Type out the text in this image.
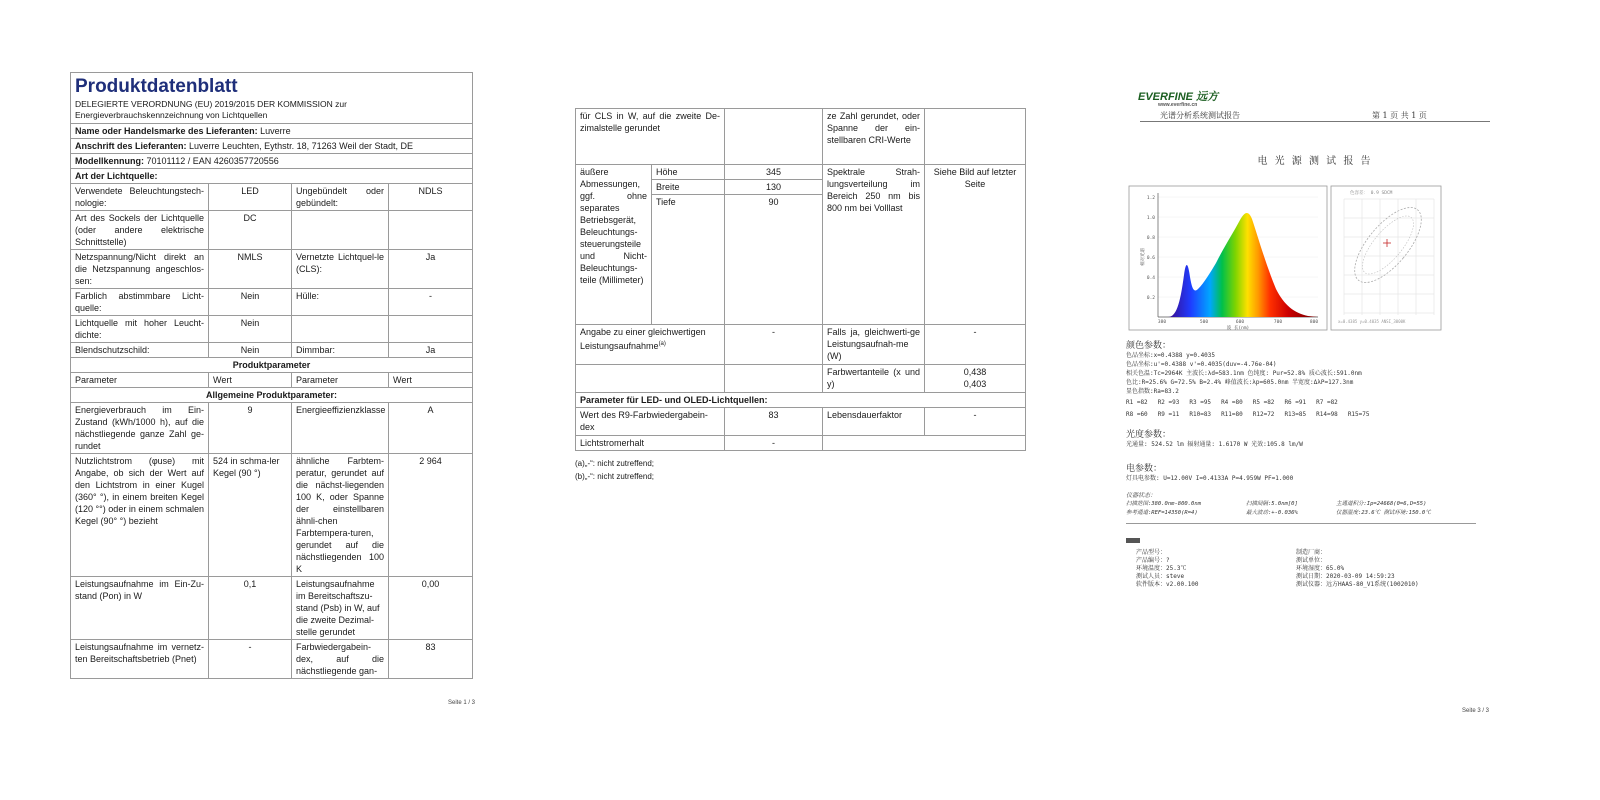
Produktdatenblatt
DELEGIERTE VERORDNUNG (EU) 2019/2015 DER KOMMISSION zur Energieverbrauchskennzeichnung von Lichtquellen			

Name oder Handelsmarke des Lieferanten: Luverre			
Anschrift des Lieferanten: Luverre Leuchten, Eythstr. 18, 71263 Weil der Stadt, DE			
Modellkennung: 70101112 / EAN 4260357720556			
Art der Lichtquelle:			
Verwendete Beleuchtungstech-nologie:	LED	Ungebündelt oder gebündelt:	NDLS
Art des Sockels der Lichtquelle (oder andere elektrische Schnittstelle)	DC		
Netzspannung/Nicht direkt an die Netzspannung angeschlos-sen:	NMLS	Vernetzte Lichtquel-le (CLS):	Ja
Farblich abstimmbare Licht-quelle:	Nein	Hülle:	-
Lichtquelle mit hoher Leucht-dichte:	Nein		
Blendschutzschild:	Nein	Dimmbar:	Ja
Produktparameter			
Parameter	Wert	Parameter	Wert
Allgemeine Produktparameter:			
Energieverbrauch im Ein-Zustand (kWh/1000 h), auf die nächstliegende ganze Zahl ge-rundet	9	Energieeffizienzklasse	A
Nutzlichtstrom (φuse) mit Angabe, ob sich der Wert auf den Lichtstrom in einer Kugel (360° °), in einem breiten Kegel (120 °°) oder in einem schmalen Kegel (90° °) bezieht	524 in schma-ler Kegel (90 °)	ähnliche Farbtem-peratur, gerundet auf die nächst-liegenden 100 K, oder Spanne der einstellbaren ähnli-chen Farbtempera-turen, gerundet auf die nächstliegenden 100 K	2 964
Leistungsaufnahme im Ein-Zu-stand (Pon) in W	0,1	Leistungsaufnahme im Bereitschaftszu-stand (Psb) in W, auf die zweite Dezimal-stelle gerundet	0,00
Leistungsaufnahme im vernetz-ten Bereitschaftsbetrieb (Pnet)	-	Farbwiedergabein-dex, auf die nächstliegende gan-	83
Seite 1 / 3
für CLS in W, auf die zweite De-zimalstelle gerundet			ze Zahl gerundet, oder Spanne der ein-stellbaren CRI-Werte	
äußere Abmessungen, ggf. ohne separates Betriebsgerät, Beleuchtungs-steuerungsteile und Nicht-Beleuchtungs-teile (Millimeter)	Höhe	345	Spektrale Strah-lungsverteilung im Bereich 250 nm bis 800 nm bei Volllast	Siehe Bild auf letzter Seite
	Breite	130		
	Tiefe	90		
Angabe zu einer gleichwertigen Leistungsaufnahme$^{(a)}$		-	Falls ja, gleichwerti-ge Leistungsaufnah-me (W)	-
			Farbwertanteile (x und y)	0,438
0,403

Parameter für LED- und OLED-Lichtquellen:				
Wert des R9-Farbwiedergabein-dex		83	Lebensdauerfaktor	-
Lichtstromerhalt		-		
(a)„-“: nicht zutreffend;
(b)„-“: nicht zutreffend;
EVERFINE 远方
www.everfine.cn
光谱分析系统测试报告	第 1 页 共 1 页
电 光 源 测 试 报 告
1.2
1.0
0.8
0.6
0.4
0.2
380	500	600	700	800
波 长(nm)
相对光谱
色容差： 0.9 SDCM
x=0.4385 y=0.4035 ANSI_3000K
颜色参数：
色品坐标:x=0.4388 y=0.4035
色品坐标:u'=0.4388 v'=0.4035(duv=-4.76e-04)
相关色温:Tc=2964K 主波长:λd=583.1nm 色纯度: Pur=52.8% 质心波长:591.0nm
色比:R=25.6% G=72.5% B=2.4% 峰值波长:λp=605.0nm 半宽度:ΔλP=127.3nm
显色指数:Ra=83.2
R1 =82 R2 =93 R3 =95 R4 =80 R5 =82 R6 =91 R7 =82
R8 =60 R9 =11 R10=83 R11=80 R12=72 R13=85 R14=98 R15=75
光度参数：
光通量: 524.52 lm 辐射通量: 1.6170 W 光效:105.8 lm/W
电参数：
灯具电参数: U=12.00V I=0.4133A P=4.959W PF=1.000
仪器状态：
扫描范围:380.0nm-800.0nm	扫描间隔:5.0nm[0]	主通道积分:Ip=24668(0=6,D=55)
参考通道:REF=14350(R=4)	最大波动:+-0.036%	仪器温度:23.6℃ 测试环境:150.0℃
产品型号：
产品编号：?
环境温度：25.3℃
测试人员：steve
软件版本：v2.00.100
制造厂商：
测试单位：
环境湿度：65.0%
测试日期：2020-03-09 14:59:23
测试仪器：远方HAAS-80_V1系统(1002010)
Seite 3 / 3
